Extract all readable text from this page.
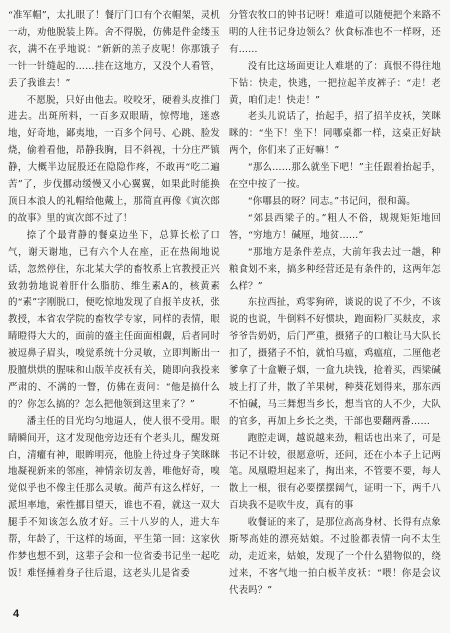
“准军帽”，太扎眼了！餐厅门口有个衣帽架，灵机一动，劝他脱装上阵。舍不得脱，仿佛是件金缕玉衣，满不在乎地说：“新新的羔子皮呢！你那饿子一针一针缝起的……挂在这地方，又没个人看管，丢了我谁去！”

不愿脱，只好由他去。咬咬牙，硬着头皮推门进去。出斑所料，一百多双眼睛，惊愕地，迷惑地，好奇地，鄙夷地，一百多个问号、心跳、脸发烧，偷着看他，昂静我胸，目不斜视，十分庄严镇静，大概半边屁股还在隐隐作疼，不敢再“吃二遍苦”了，步伐挪动缓慢又小心翼翼，如果此时能换顶日本浪人的礼帽给他戴上，那简直再像《寅次郎的故事》里的寅次郎不过了！

捺了个最背静的餐桌边坐下，总算长松了口气，谢天谢地，已有六个人在座，正在热闹地说话，忽然停住，东北某大学的畜牧系上官教授正兴致勃勃地说着肝什么脂肪、维生素A的，核黄素的“素”字刚脱口，便吃惊地发现了自报羊皮袄，张教授，本省农学院的畜牧学专家，同样的表情，眼睛瞪得大大的，面前的盛主任面面相觑，后者同时被逗鼻子眉头，嗅觉系统十分灵敏，立即判断出一股膻烘烘的腥味和山版羊皮袄有关，随即向我投来严肃的、不满的一瞥，仿佛在责问：“他是搞什么的？你怎么搞的？怎么把他领到这里来了？”

潘主任的目光均匀地逼人，使人很不受用。眼睛瞬间开，这才发现他旁边还有个老头儿，醒发斑白，清癯有神，眼眸明亮，他脸上待过身子笑眯眯地凝视新来的邻座，神情亲切友善，唯他好奇，嗅觉似乎也不像主任那么灵敏。蔺芦有这么样好，一派坦率地，索性挪目望天，谁也不看，就这一双大腿手不知该怎么放才好。三十八岁的人，进大车帮，年龄了，干这样的场面，平生第一回：这家伙作梦也想不到，这辈子会和一位省委书记坐一起吃饭！难怪捶着身子往后退，这老头儿是省委

分管农牧口的钟书记呀！难道可以随便把个来路不明的人往书记身边领么？伙食标准也不一样呀，还有……

没有比这场面更让人难堪的了：真恨不得往地下钻：快走，快逃，一把拉起羊皮裤子：“走！老黄，咱们走！快走！”

老头儿说话了，抬起手，招了招羊皮袄，笑眯眯的：“坐下！坐下！同哪桌都一样，这桌正好缺两个，你们来了正好嘛！”

“那么……那么就坐下吧！”主任跟着抬起手，在空中按了一按。

“你哪县的呀？同志。”书记问，很和蔼。

“郊县西梁子的。”粗人不俗，规规矩矩地回答，“穷地方！碱厘，地贫……”

“那地方是条件差点，大前年我去过一趟，种粮食划不来，搞多种经营还是有条件的，这两年怎么样？”

东拉西扯，鸡零狗碎，谈说的说了不少，不该说的也说，牛倒料不好惯块，跑面粉厂买麸皮，求爷爷告奶奶，后门严重，摄猪子的口粮让马大队长扣了，摄猪子不怕，就怕马瘟，鸡瘟疽，二厘他老爹拿了十盒鞭子烟，一盒九块钱，抢着买，西梁碱坡上打了井，散了羊果树，种葵花划得来，那东西不怕碱，马三舞想当乡长，想当官的人不少，大队的官多，再加上乡长之类，干部也要翻两番……

跑腔走调，越说越来劲，粗话也出来了，可是书记不计较，很愿意听，还问，还在小本子上记两笔。凤凰瞪坦起来了，掏出来，不管要不要，每人散上一根，很有必要摆摆阔气，证明一下，两千八百块我不是吹牛皮，真有的事

收餐证的来了，是那位高高身材、长得有点象斯琴高娃的漂亮姑娘。不过脸都表情一向不太生动，走近来，姑娘，发现了一个什么猎物似的，绕过来，不客气地一拍白板羊皮袄：“喂！你是会议代表吗？”

4
